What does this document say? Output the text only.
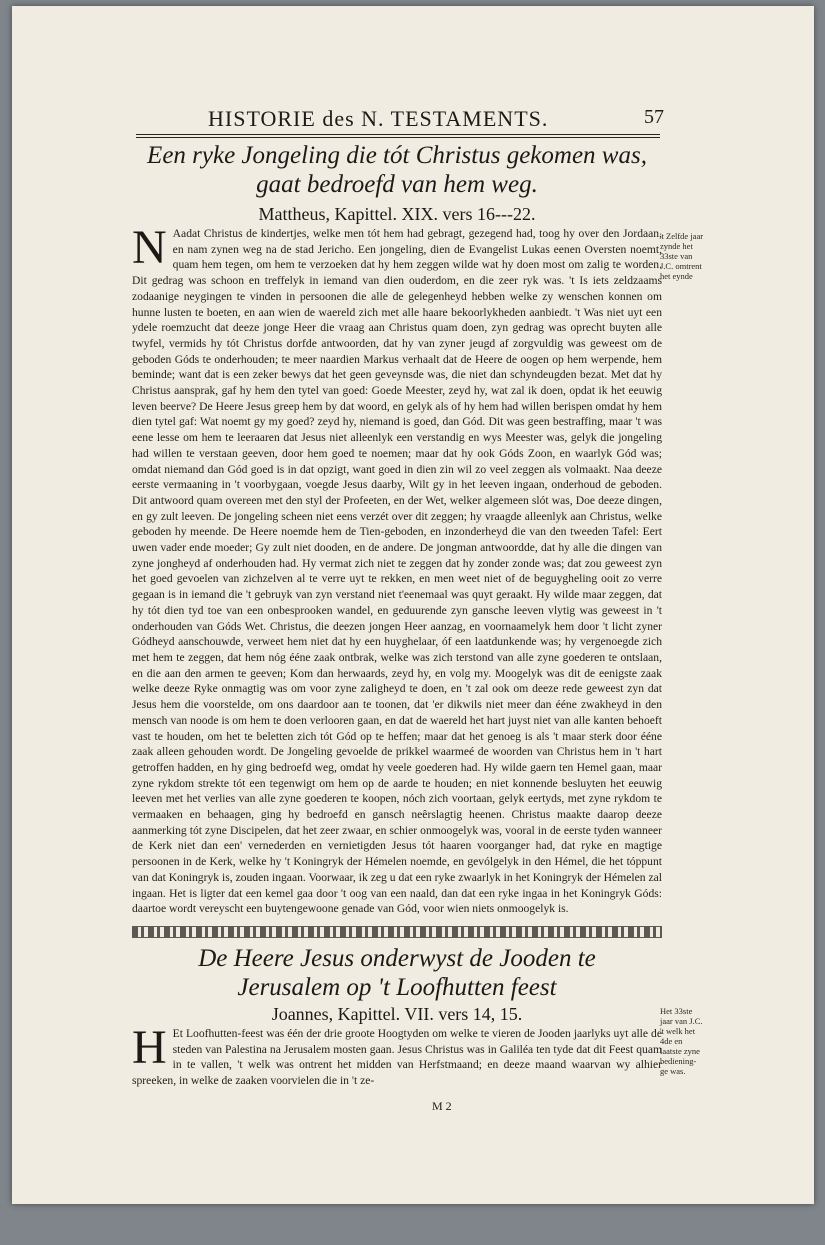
HISTORIE des N. TESTAMENTS.	57
Een ryke Jongeling die tót Christus gekomen was,
gaat bedroefd van hem weg.
Mattheus, Kapittel. XIX. vers 16---22.
N Aadat Christus de kindertjes, welke men tót hem had gebragt, gezegend had, toog hy over den Jordaan, en nam zynen weg na de stad Jericho. Een jongeling, dien de Evangelist Lukas eenen Oversten noemt, quam hem tegen, om hem te verzoeken dat hy hem zeggen wilde wat hy doen most om zalig te worden. Dit gedrag was schoon en treffelyk in iemand van dien ouderdom, en die zeer ryk was. 't Is iets zeldzaams zodaanige neygingen te vinden in persoonen die alle de gelegenheyd hebben welke zy wenschen konnen om hunne lusten te boeten, en aan wien de waereld zich met alle haare bekoorlykheden aanbiedt. 't Was niet uyt een ydele roemzucht dat deeze jonge Heer die vraag aan Christus quam doen, zyn gedrag was oprecht buyten alle twyfel, vermids hy tót Christus dorfde antwoorden, dat hy van zyner jeugd af zorgvuldig was geweest om de geboden Góds te onderhouden; te meer naardien Markus verhaalt dat de Heere de oogen op hem werpende, hem beminde; want dat is een zeker bewys dat het geen geveynsde was, die niet dan schyndeugden bezat. Met dat hy Christus aansprak, gaf hy hem den tytel van goed: Goede Meester, zeyd hy, wat zal ik doen, opdat ik het eeuwig leven beerve? De Heere Jesus greep hem by dat woord, en gelyk als of hy hem had willen berispen omdat hy hem dien tytel gaf: Wat noemt gy my goed? zeyd hy, niemand is goed, dan Gód. Dit was geen bestraffing, maar 't was eene lesse om hem te leeraaren dat Jesus niet alleenlyk een verstandig en wys Meester was, gelyk die jongeling had willen te verstaan geeven, door hem goed te noemen; maar dat hy ook Góds Zoon, en waarlyk Gód was; omdat niemand dan Gód goed is in dat opzigt, want goed in dien zin wil zo veel zeggen als volmaakt. Naa deeze eerste vermaaning in 't voorbygaan, voegde Jesus daarby, Wilt gy in het leeven ingaan, onderhoud de geboden. Dit antwoord quam overeen met den styl der Profeeten, en der Wet, welker algemeen slót was, Doe deeze dingen, en gy zult leeven. De jongeling scheen niet eens verzét over dit zeggen; hy vraagde alleenlyk aan Christus, welke geboden hy meende. De Heere noemde hem de Tien-geboden, en inzonderheyd die van den tweeden Tafel: Eert uwen vader ende moeder; Gy zult niet dooden, en de andere. De jongman antwoordde, dat hy alle die dingen van zyne jongheyd af onderhouden had. Hy vermat zich niet te zeggen dat hy zonder zonde was; dat zou geweest zyn het goed gevoelen van zichzelven al te verre uyt te rekken, en men weet niet of de beguygheling ooit zo verre gegaan is in iemand die 't gebruyk van zyn verstand niet t'eenemaal was quyt geraakt. Hy wilde maar zeggen, dat hy tót dien tyd toe van een onbesprooken wandel, en geduurende zyn gansche leeven vlytig was geweest in 't onderhouden van Góds Wet. Christus, die deezen jongen Heer aanzag, en voornaamelyk hem door 't licht zyner Gódheyd aanschouwde, verweet hem niet dat hy een huyghelaar, óf een laatdunkende was; hy vergenoegde zich met hem te zeggen, dat hem nóg ééne zaak ontbrak, welke was zich terstond van alle zyne goederen te ontslaan, en die aan den armen te geeven; Kom dan herwaards, zeyd hy, en volg my. Moogelyk was dit de eenigste zaak welke deeze Ryke onmagtig was om voor zyne zaligheyd te doen, en 't zal ook om deeze rede geweest zyn dat Jesus hem die voorstelde, om ons daardoor aan te toonen, dat 'er dikwils niet meer dan ééne zwakheyd in den mensch van noode is om hem te doen verlooren gaan, en dat de waereld het hart juyst niet van alle kanten behoeft vast te houden, om het te beletten zich tót Gód op te heffen; maar dat het genoeg is als 't maar sterk door ééne zaak alleen gehouden wordt. De Jongeling gevoelde de prikkel waarmeé de woorden van Christus hem in 't hart getroffen hadden, en hy ging bedroefd weg, omdat hy veele goederen had. Hy wilde gaern ten Hemel gaan, maar zyne rykdom strekte tót een tegenwigt om hem op de aarde te houden; en niet konnende besluyten het eeuwig leeven met het verlies van alle zyne goederen te koopen, nóch zich voortaan, gelyk eertyds, met zyne rykdom te vermaaken en behaagen, ging hy bedroefd en gansch neêrslagtig heenen. Christus maakte daarop deeze aanmerking tót zyne Discipelen, dat het zeer zwaar, en schier onmoogelyk was, vooral in de eerste tyden wanneer de Kerk niet dan een' vernederden en vernietigden Jesus tót haaren voorganger had, dat ryke en magtige persoonen in de Kerk, welke hy 't Koningryk der Hémelen noemde, en gevólgelyk in den Hémel, die het tóppunt van dat Koningryk is, zouden ingaan. Voorwaar, ik zeg u dat een ryke zwaarlyk in het Koningryk der Hémelen zal ingaan. Het is ligter dat een kemel gaa door 't oog van een naald, dan dat een ryke ingaa in het Koningryk Góds: daartoe wordt vereyscht een buytengewoone genade van Gód, voor wien niets onmoogelyk is.
't Zelfde jaar zynde het 33ste van J.C. omtrent het eynde
De Heere Jesus onderwyst de Jooden te
Jerusalem op 't Loofhutten feest
Joannes, Kapittel. VII. vers 14, 15.
H Et Loofhutten-feest was één der drie groote Hoogtyden om welke te vieren de Jooden jaarlyks uyt alle de steden van Palestina na Jerusalem mosten gaan. Jesus Christus was in Galiléa ten tyde dat dit Feest quam in te vallen, 't welk was ontrent het midden van Herfstmaand; en deeze maand waarvan wy alhier spreeken, in welke de zaaken voorvielen die in 't ze-
Het 33ste jaar van J.C. 't welk het 4de en laatste zyne bediening-ge was.
M 2
